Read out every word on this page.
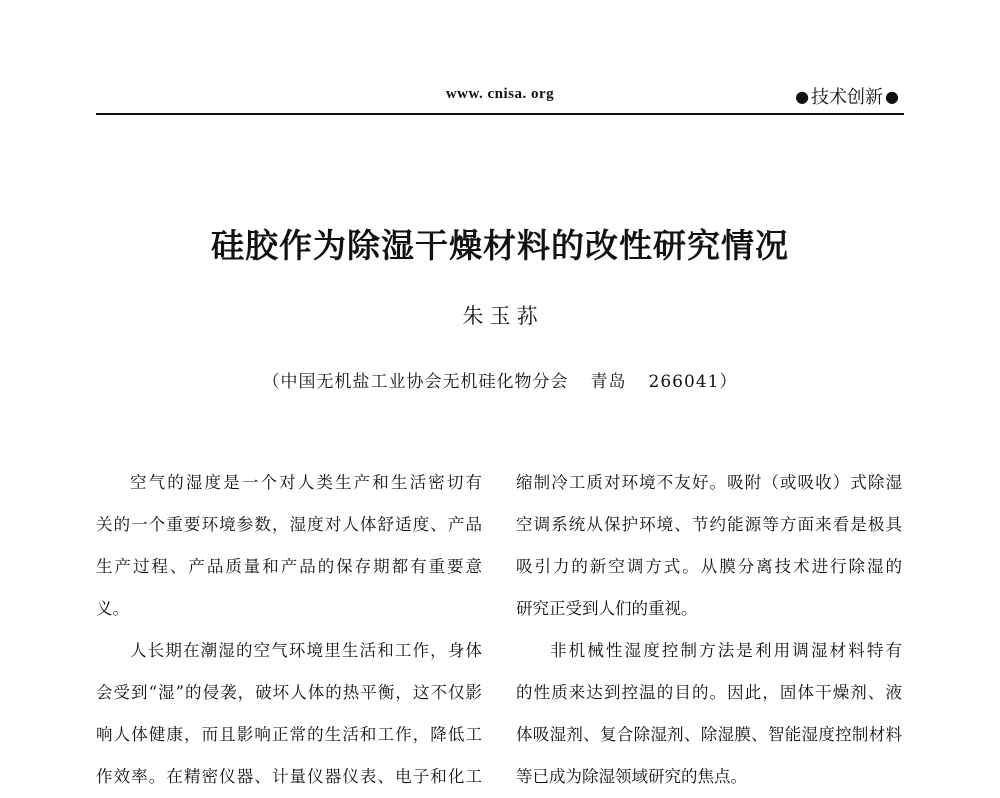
www. cnisa. org	● 技术创新 ●
硅胶作为除湿干燥材料的改性研究情况
朱玉荪
（中国无机盐工业协会无机硅化物分会 青岛 266041）
空气的湿度是一个对人类生产和生活密切有
关的一个重要环境参数，湿度对人体舒适度、产品
生产过程、产品质量和产品的保存期都有重要意
义。
人长期在潮湿的空气环境里生活和工作，身体
会受到“湿”的侵袭，破坏人体的热平衡，这不仅影
响人体健康，而且影响正常的生活和工作，降低工
作效率。在精密仪器、计量仪器仪表、电子和化工
缩制冷工质对环境不友好。吸附（或吸收）式除湿
空调系统从保护环境、节约能源等方面来看是极具
吸引力的新空调方式。从膜分离技术进行除湿的
研究正受到人们的重视。
非机械性湿度控制方法是利用调湿材料特有
的性质来达到控温的目的。因此，固体干燥剂、液
体吸湿剂、复合除湿剂、除湿膜、智能湿度控制材料
等已成为除湿领域研究的焦点。
